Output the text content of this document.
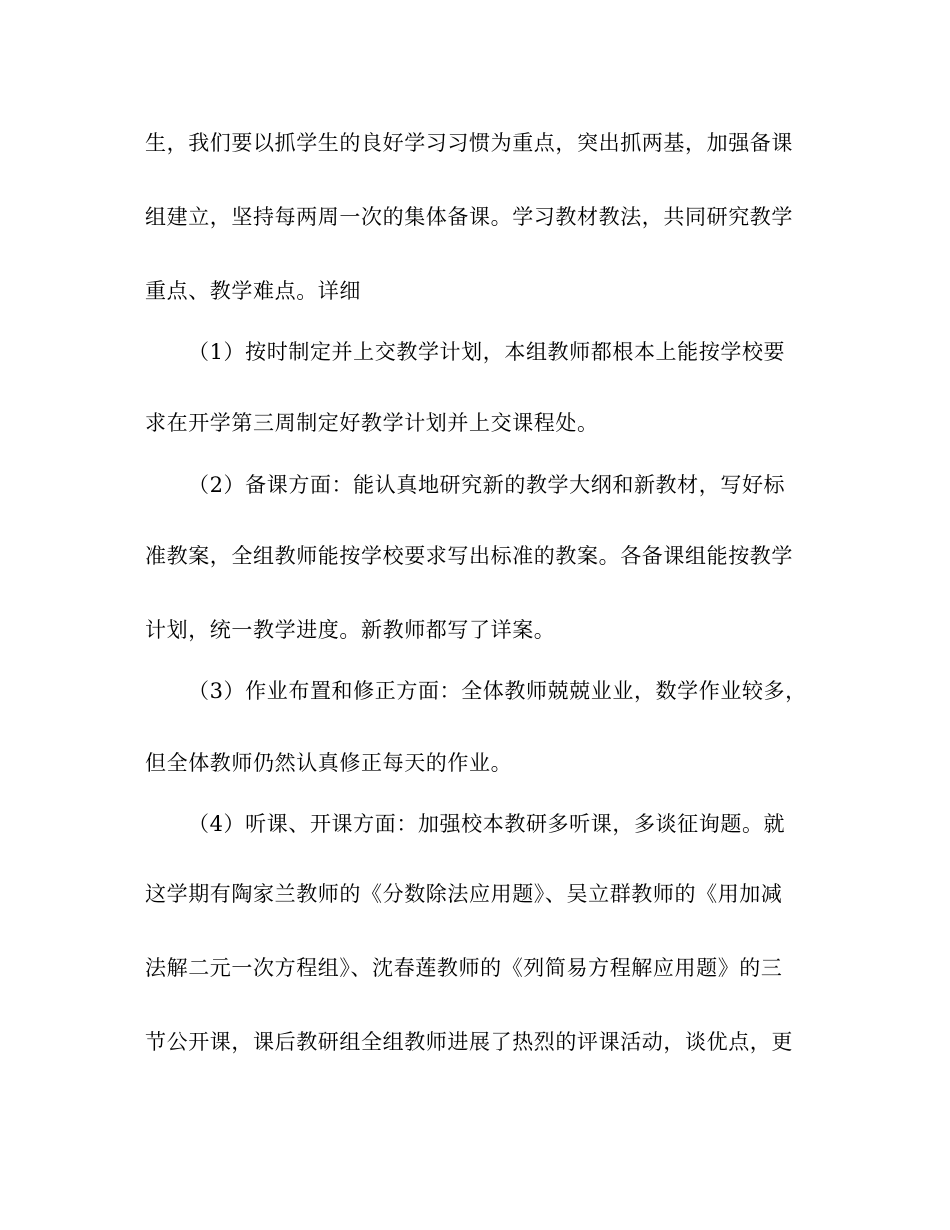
生，我们要以抓学生的良好学习习惯为重点，突出抓两基，加强备课
组建立，坚持每两周一次的集体备课。学习教材教法，共同研究教学
重点、教学难点。详细
（1）按时制定并上交教学计划，本组教师都根本上能按学校要
求在开学第三周制定好教学计划并上交课程处。
（2）备课方面：能认真地研究新的教学大纲和新教材，写好标
准教案，全组教师能按学校要求写出标准的教案。各备课组能按教学
计划，统一教学进度。新教师都写了详案。
（3）作业布置和修正方面：全体教师兢兢业业，数学作业较多，
但全体教师仍然认真修正每天的作业。
（4）听课、开课方面：加强校本教研多听课，多谈征询题。就
这学期有陶家兰教师的《分数除法应用题》、吴立群教师的《用加减
法解二元一次方程组》、沈春莲教师的《列简易方程解应用题》的三
节公开课，课后教研组全组教师进展了热烈的评课活动，谈优点，更
